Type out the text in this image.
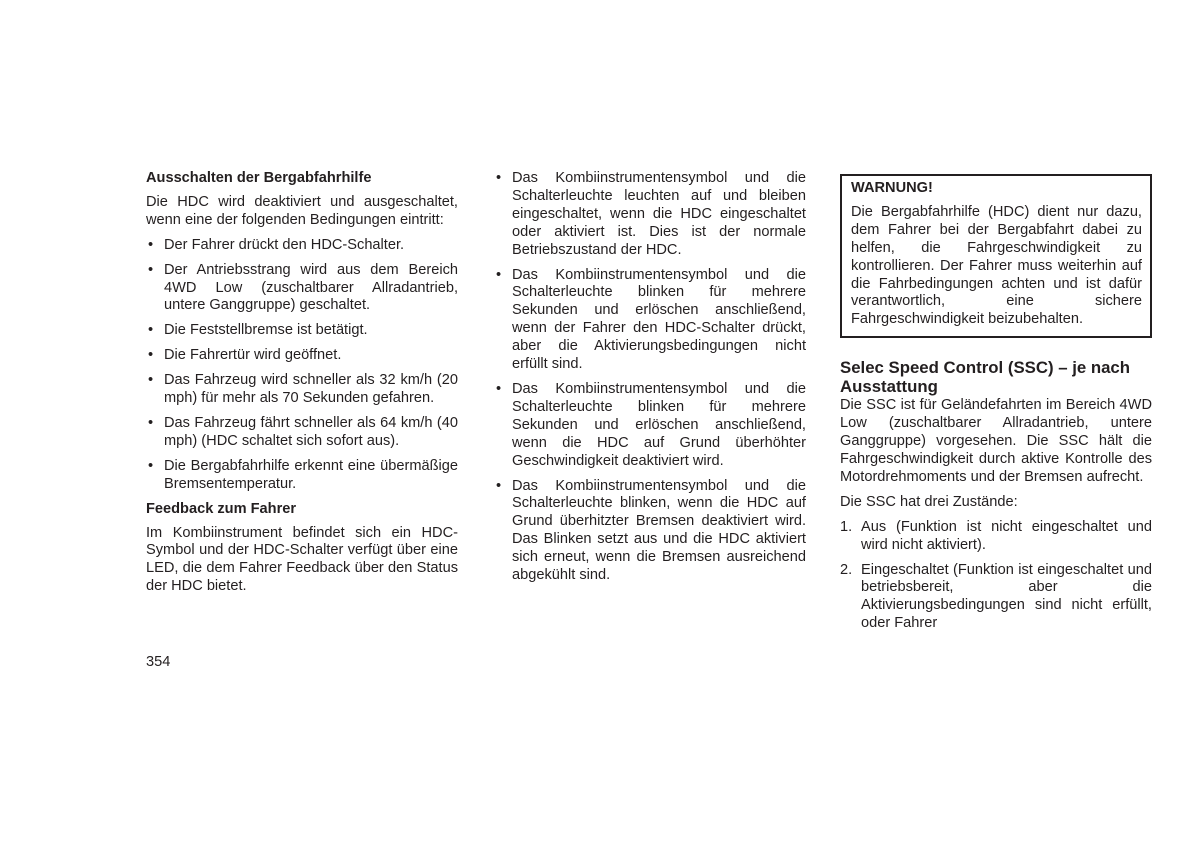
Ausschalten der Bergabfahrhilfe

Die HDC wird deaktiviert und ausgeschaltet, wenn eine der folgenden Bedingungen eintritt:

• Der Fahrer drückt den HDC-Schalter.
• Der Antriebsstrang wird aus dem Bereich 4WD Low (zuschaltbarer Allradantrieb, untere Ganggruppe) geschaltet.
• Die Feststellbremse ist betätigt.
• Die Fahrertür wird geöffnet.
• Das Fahrzeug wird schneller als 32 km/h (20 mph) für mehr als 70 Sekunden gefahren.
• Das Fahrzeug fährt schneller als 64 km/h (40 mph) (HDC schaltet sich sofort aus).
• Die Bergabfahrhilfe erkennt eine übermäßige Bremsentemperatur.
Feedback zum Fahrer

Im Kombiinstrument befindet sich ein HDC-Symbol und der HDC-Schalter verfügt über eine LED, die dem Fahrer Feedback über den Status der HDC bietet.

• Das Kombiinstrumentensymbol und die Schalterleuchte leuchten auf und bleiben eingeschaltet, wenn die HDC eingeschaltet oder aktiviert ist. Dies ist der normale Betriebszustand der HDC.
• Das Kombiinstrumentensymbol und die Schalterleuchte blinken für mehrere Sekunden und erlöschen anschließend, wenn der Fahrer den HDC-Schalter drückt, aber die Aktivierungsbedingungen nicht erfüllt sind.
• Das Kombiinstrumentensymbol und die Schalterleuchte blinken für mehrere Sekunden und erlöschen anschließend, wenn die HDC auf Grund überhöhter Geschwindigkeit deaktiviert wird.
• Das Kombiinstrumentensymbol und die Schalterleuchte blinken, wenn die HDC auf Grund überhitzter Bremsen deaktiviert wird. Das Blinken setzt aus und die HDC aktiviert sich erneut, wenn die Bremsen ausreichend abgekühlt sind.
WARNUNG!

Die Bergabfahrhilfe (HDC) dient nur dazu, dem Fahrer bei der Bergabfahrt dabei zu helfen, die Fahrgeschwindigkeit zu kontrollieren. Der Fahrer muss weiterhin auf die Fahrbedingungen achten und ist dafür verantwortlich, eine sichere Fahrgeschwindigkeit beizubehalten.

Selec Speed Control (SSC) – je nach Ausstattung

Die SSC ist für Geländefahrten im Bereich 4WD Low (zuschaltbarer Allradantrieb, untere Ganggruppe) vorgesehen. Die SSC hält die Fahrgeschwindigkeit durch aktive Kontrolle des Motordrehmoments und der Bremsen aufrecht.

Die SSC hat drei Zustände:

1. Aus (Funktion ist nicht eingeschaltet und wird nicht aktiviert).
2. Eingeschaltet (Funktion ist eingeschaltet und betriebsbereit, aber die Aktivierungsbedingungen sind nicht erfüllt, oder Fahrer
354
